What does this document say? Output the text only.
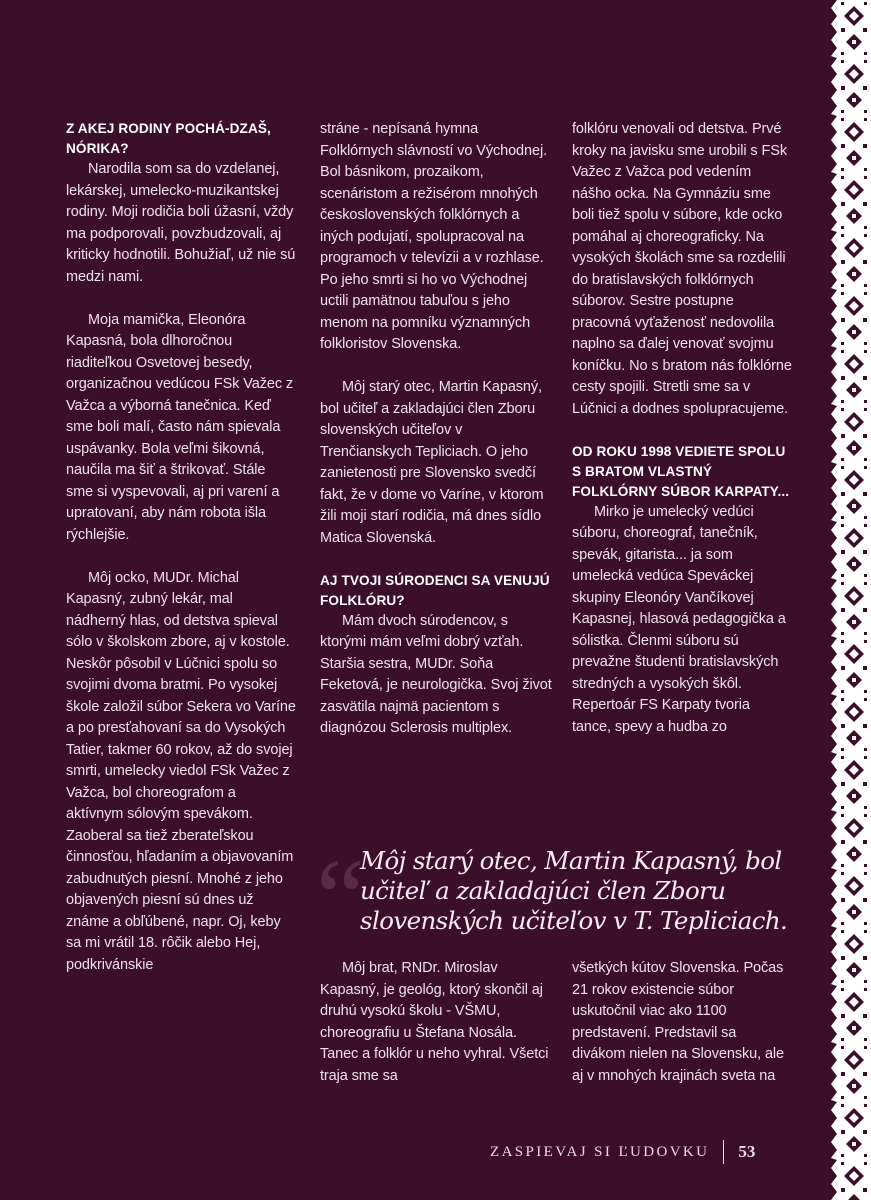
Z AKEJ RODINY POCHÁ-DZAŠ, NÓRIKA?

Narodila som sa do vzdelanej, lekárskej, umelecko-muzikantskej rodiny. Moji rodičia boli úžasní, vždy ma podporovali, povzbudzovali, aj kriticky hodnotili. Bohužiaľ, už nie sú medzi nami.

Moja mamička, Eleonóra Kapasná, bola dlhoročnou riaditeľkou Osvetovej besedy, organizačnou vedúcou FSk Važec z Važca a výborná tanečnica. Keď sme boli malí, často nám spievala uspávanky. Bola veľmi šikovná, naučila ma šiť a štrikovať. Stále sme si vyspevovali, aj pri varení a upratovaní, aby nám robota išla rýchlejšie.

Môj ocko, MUDr. Michal Kapasný, zubný lekár, mal nádherný hlas, od detstva spieval sólo v školskom zbore, aj v kostole. Neskôr pôsobil v Lúčnici spolu so svojimi dvoma bratmi. Po vysokej škole založil súbor Sekera vo Varíne a po presťahovaní sa do Vysokých Tatier, takmer 60 rokov, až do svojej smrti, umelecky viedol FSk Važec z Važca, bol choreografom a aktívnym sólovým spevákom. Zaoberal sa tiež zberateľskou činnosťou, hľadaním a objavovaním zabudnutých piesní. Mnohé z jeho objavených piesní sú dnes už známe a obľúbené, napr. Oj, keby sa mi vrátil 18. rôčik alebo Hej, podkrivánskie

stráne - nepísaná hymna Folklórnych slávností vo Východnej. Bol básnikom, prozaikom, scenáristom a režisérom mnohých československých folklórnych a iných podujatí, spolupracoval na programoch v televízii a v rozhlase. Po jeho smrti si ho vo Východnej uctili pamätnou tabuľou s jeho menom na pomníku významných folkloristov Slovenska.

Môj starý otec, Martin Kapasný, bol učiteľ a zakladajúci člen Zboru slovenských učiteľov v Trenčianskych Tepliciach. O jeho zanietenosti pre Slovensko svedčí fakt, že v dome vo Varíne, v ktorom žili moji starí rodičia, má dnes sídlo Matica Slovenská.

AJ TVOJI SÚRODENCI SA VENUJÚ FOLKLÓRU?

Mám dvoch súrodencov, s ktorými mám veľmi dobrý vzťah. Staršia sestra, MUDr. Soňa Feketová, je neurologička. Svoj život zasvätila najmä pacientom s diagnózou Sclerosis multiplex.

folklóru venovali od detstva. Prvé kroky na javisku sme urobili s FSk Važec z Važca pod vedením nášho ocka. Na Gymnáziu sme boli tiež spolu v súbore, kde ocko pomáhal aj choreograficky. Na vysokých školách sme sa rozdelili do bratislavských folklórnych súborov. Sestre postupne pracovná vyťaženosť nedovolila naplno sa ďalej venovať svojmu koníčku. No s bratom nás folklórne cesty spojili. Stretli sme sa v Lúčnici a dodnes spolupracujeme.

OD ROKU 1998 VEDIETE SPOLU S BRATOM VLASTNÝ FOLKLÓRNY SÚBOR KARPATY...

Mirko je umelecký vedúci súboru, choreograf, tanečník, spevák, gitarista... ja som umelecká vedúca Speváckej skupiny Eleonóry Vančíkovej Kapasnej, hlasová pedagogička a sólistka. Členmi súboru sú prevažne študenti bratislavských stredných a vysokých škôl. Repertoár FS Karpaty tvoria tance, spevy a hudba zo

“
Môj starý otec, Martin Kapasný, bol učiteľ a zakladajúci člen Zboru slovenských učiteľov v T. Tepliciach.

Môj brat, RNDr. Miroslav Kapasný, je geológ, ktorý skončil aj druhú vysokú školu - VŠMU, choreografiu u Štefana Nosála. Tanec a folklór u neho vyhral. Všetci traja sme sa

všetkých kútov Slovenska. Počas 21 rokov existencie súbor uskutočnil viac ako 1100 predstavení. Predstavil sa divákom nielen na Slovensku, ale aj v mnohých krajinách sveta na

ZASPIEVAJ SI ĽUDOVKU 53
